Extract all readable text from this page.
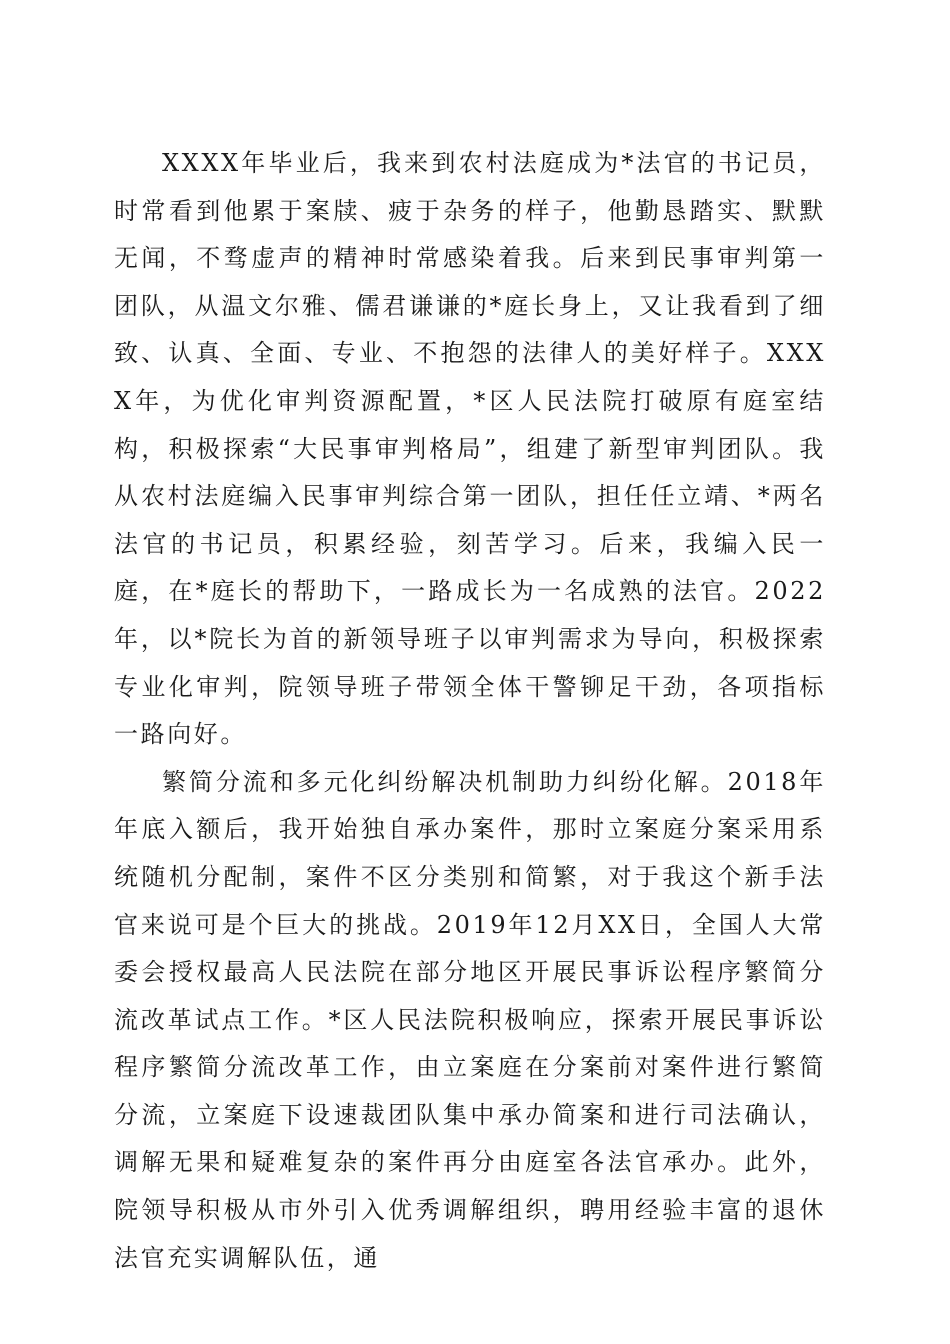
XXXX年毕业后，我来到农村法庭成为*法官的书记员，时常看到他累于案牍、疲于杂务的样子，他勤恳踏实、默默无闻，不骛虚声的精神时常感染着我。后来到民事审判第一团队，从温文尔雅、儒君谦谦的*庭长身上，又让我看到了细致、认真、全面、专业、不抱怨的法律人的美好样子。XXXX年，为优化审判资源配置，*区人民法院打破原有庭室结构，积极探索“大民事审判格局”，组建了新型审判团队。我从农村法庭编入民事审判综合第一团队，担任任立靖、*两名法官的书记员，积累经验，刻苦学习。后来，我编入民一庭，在*庭长的帮助下，一路成长为一名成熟的法官。2022年，以*院长为首的新领导班子以审判需求为导向，积极探索专业化审判，院领导班子带领全体干警铆足干劲，各项指标一路向好。

繁简分流和多元化纠纷解决机制助力纠纷化解。2018年年底入额后，我开始独自承办案件，那时立案庭分案采用系统随机分配制，案件不区分类别和简繁，对于我这个新手法官来说可是个巨大的挑战。2019年12月XX日，全国人大常委会授权最高人民法院在部分地区开展民事诉讼程序繁简分流改革试点工作。*区人民法院积极响应，探索开展民事诉讼程序繁简分流改革工作，由立案庭在分案前对案件进行繁简分流，立案庭下设速裁团队集中承办简案和进行司法确认，调解无果和疑难复杂的案件再分由庭室各法官承办。此外，院领导积极从市外引入优秀调解组织，聘用经验丰富的退休法官充实调解队伍，通
